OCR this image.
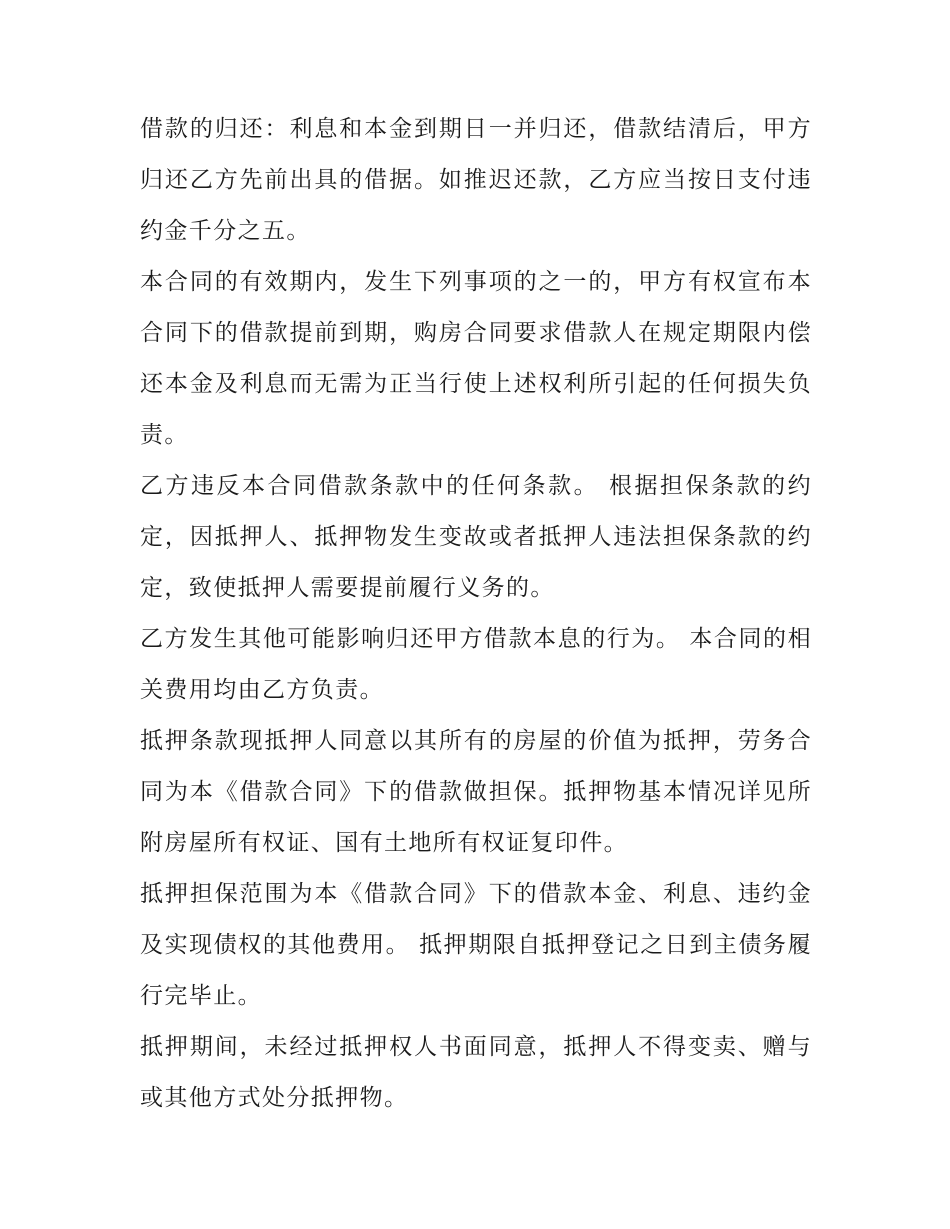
借款的归还：利息和本金到期日一并归还，借款结清后，甲方归还乙方先前出具的借据。如推迟还款，乙方应当按日支付违约金千分之五。

本合同的有效期内，发生下列事项的之一的，甲方有权宣布本合同下的借款提前到期，购房合同要求借款人在规定期限内偿还本金及利息而无需为正当行使上述权利所引起的任何损失负责。

乙方违反本合同借款条款中的任何条款。 根据担保条款的约定，因抵押人、抵押物发生变故或者抵押人违法担保条款的约定，致使抵押人需要提前履行义务的。

乙方发生其他可能影响归还甲方借款本息的行为。 本合同的相关费用均由乙方负责。

抵押条款现抵押人同意以其所有的房屋的价值为抵押，劳务合同为本《借款合同》下的借款做担保。抵押物基本情况详见所附房屋所有权证、国有土地所有权证复印件。

抵押担保范围为本《借款合同》下的借款本金、利息、违约金及实现债权的其他费用。 抵押期限自抵押登记之日到主债务履行完毕止。

抵押期间，未经过抵押权人书面同意，抵押人不得变卖、赠与或其他方式处分抵押物。
